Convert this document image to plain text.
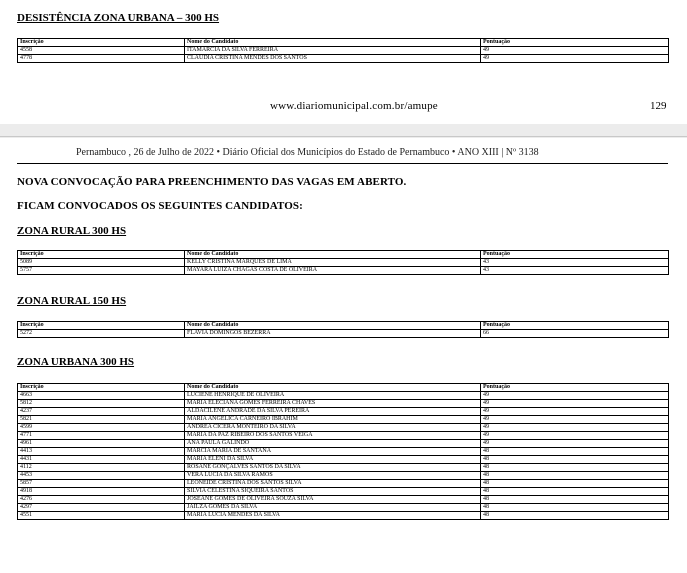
DESISTÊNCIA ZONA URBANA – 300 HS
Inscrição	Nome do Candidato	Pontuação
4558	ITAMARCIA DA SILVA FERREIRA	49
4778	CLAUDIA CRISTINA MENDES DOS SANTOS	49
www.diariomunicipal.com.br/amupe	129
Pernambuco , 26 de Julho de 2022 • Diário Oficial dos Municípios do Estado de Pernambuco • ANO XIII | Nº 3138
NOVA CONVOCAÇÃO PARA PREENCHIMENTO DAS VAGAS EM ABERTO.
FICAM CONVOCADOS OS SEGUINTES CANDIDATOS:
ZONA RURAL 300 HS
Inscrição	Nome do Candidato	Pontuação
5089	KELLY CRISTINA MARQUES DE LIMA	43
5757	MAYARA LUIZA CHAGAS COSTA DE OLIVEIRA	43
ZONA RURAL 150 HS
Inscrição	Nome do Candidato	Pontuação
5272	FLAVIA DOMINGOS BEZERRA	66
ZONA URBANA 300 HS
Inscrição	Nome do Candidato	Pontuação
4663	LUCIENE HENRIQUE DE OLIVEIRA	49
5812	MARIA ELECIANA GOMES FERREIRA CHAVES	49
4237	ALDACILENE ANDRADE DA SILVA PEREIRA	49
5821	MARIA ANGELICA CARNEIRO IBRAHIM	49
4599	ANDREA CICERA MONTEIRO DA SILVA	49
4771	MARIA DA PAZ RIBEIRO DOS SANTOS VEIGA	49
4961	ANA PAULA GALINDO	49
4413	MARCIA MARIA DE SANTANA	48
4431	MARIA ELENI DA SILVA	48
4112	ROSANE GONÇALVES SANTOS DA SILVA	48
4453	VERA LUCIA DA SILVA RAMOS	48
5857	LEONEIDE CRISTINA DOS SANTOS SILVA	48
4918	SILVIA CELESTINA SIQUEIRA SANTOS	48
4276	JOSEANE GOMES DE OLIVEIRA SOUZA SILVA	48
4297	JAILZA GOMES DA SILVA	48
4551	MARIA LUCIA MENDES DA SILVA	48
